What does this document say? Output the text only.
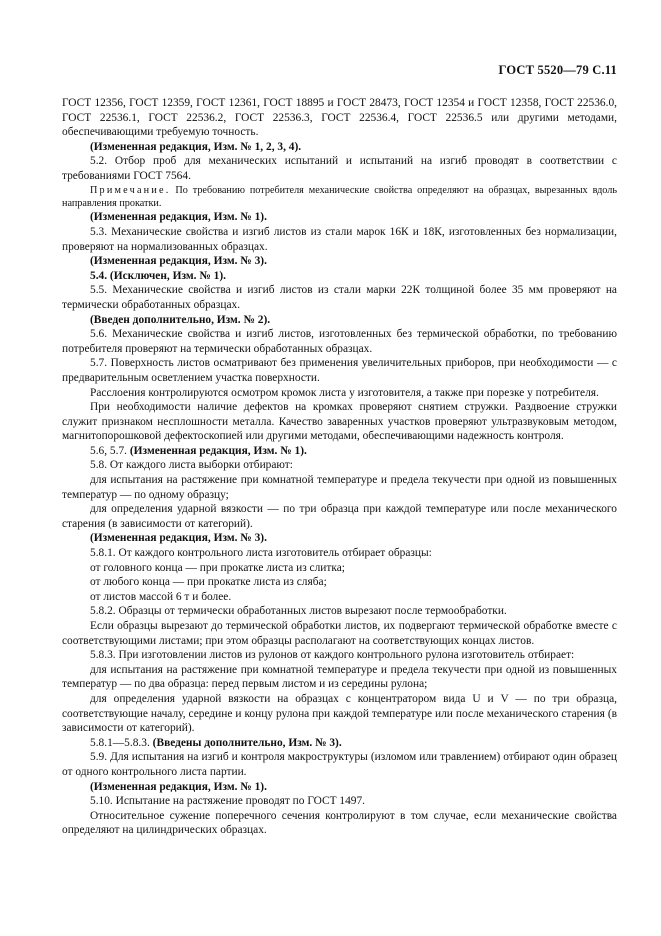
ГОСТ 5520—79 С.11

ГОСТ 12356, ГОСТ 12359, ГОСТ 12361, ГОСТ 18895 и ГОСТ 28473, ГОСТ 12354 и ГОСТ 12358, ГОСТ 22536.0, ГОСТ 22536.1, ГОСТ 22536.2, ГОСТ 22536.3, ГОСТ 22536.4, ГОСТ 22536.5 или другими методами, обеспечивающими требуемую точность.

(Измененная редакция, Изм. № 1, 2, 3, 4).

5.2. Отбор проб для механических испытаний и испытаний на изгиб проводят в соответствии с требованиями ГОСТ 7564.

Примечание. По требованию потребителя механические свойства определяют на образцах, вырезанных вдоль направления прокатки.

(Измененная редакция, Изм. № 1).

5.3. Механические свойства и изгиб листов из стали марок 16К и 18К, изготовленных без нормализации, проверяют на нормализованных образцах.

(Измененная редакция, Изм. № 3).

5.4. (Исключен, Изм. № 1).

5.5. Механические свойства и изгиб листов из стали марки 22К толщиной более 35 мм проверяют на термически обработанных образцах.

(Введен дополнительно, Изм. № 2).

5.6. Механические свойства и изгиб листов, изготовленных без термической обработки, по требованию потребителя проверяют на термически обработанных образцах.

5.7. Поверхность листов осматривают без применения увеличительных приборов, при необходимости — с предварительным осветлением участка поверхности.

Расслоения контролируются осмотром кромок листа у изготовителя, а также при порезке у потребителя.

При необходимости наличие дефектов на кромках проверяют снятием стружки. Раздвоение стружки служит признаком несплошности металла. Качество заваренных участков проверяют ультразвуковым методом, магнитопорошковой дефектоскопией или другими методами, обеспечивающими надежность контроля.

5.6, 5.7. (Измененная редакция, Изм. № 1).

5.8. От каждого листа выборки отбирают:

для испытания на растяжение при комнатной температуре и предела текучести при одной из повышенных температур — по одному образцу;

для определения ударной вязкости — по три образца при каждой температуре или после механического старения (в зависимости от категорий).

(Измененная редакция, Изм. № 3).

5.8.1. От каждого контрольного листа изготовитель отбирает образцы:

от головного конца — при прокатке листа из слитка;

от любого конца — при прокатке листа из сляба;

от листов массой 6 т и более.

5.8.2. Образцы от термически обработанных листов вырезают после термообработки.

Если образцы вырезают до термической обработки листов, их подвергают термической обработке вместе с соответствующими листами; при этом образцы располагают на соответствующих концах листов.

5.8.3. При изготовлении листов из рулонов от каждого контрольного рулона изготовитель отбирает:

для испытания на растяжение при комнатной температуре и предела текучести при одной из повышенных температур — по два образца: перед первым листом и из середины рулона;

для определения ударной вязкости на образцах с концентратором вида U и V — по три образца, соответствующие началу, середине и концу рулона при каждой температуре или после механического старения (в зависимости от категорий).

5.8.1—5.8.3. (Введены дополнительно, Изм. № 3).

5.9. Для испытания на изгиб и контроля макроструктуры (изломом или травлением) отбирают один образец от одного контрольного листа партии.

(Измененная редакция, Изм. № 1).

5.10. Испытание на растяжение проводят по ГОСТ 1497.

Относительное сужение поперечного сечения контролируют в том случае, если механические свойства определяют на цилиндрических образцах.
